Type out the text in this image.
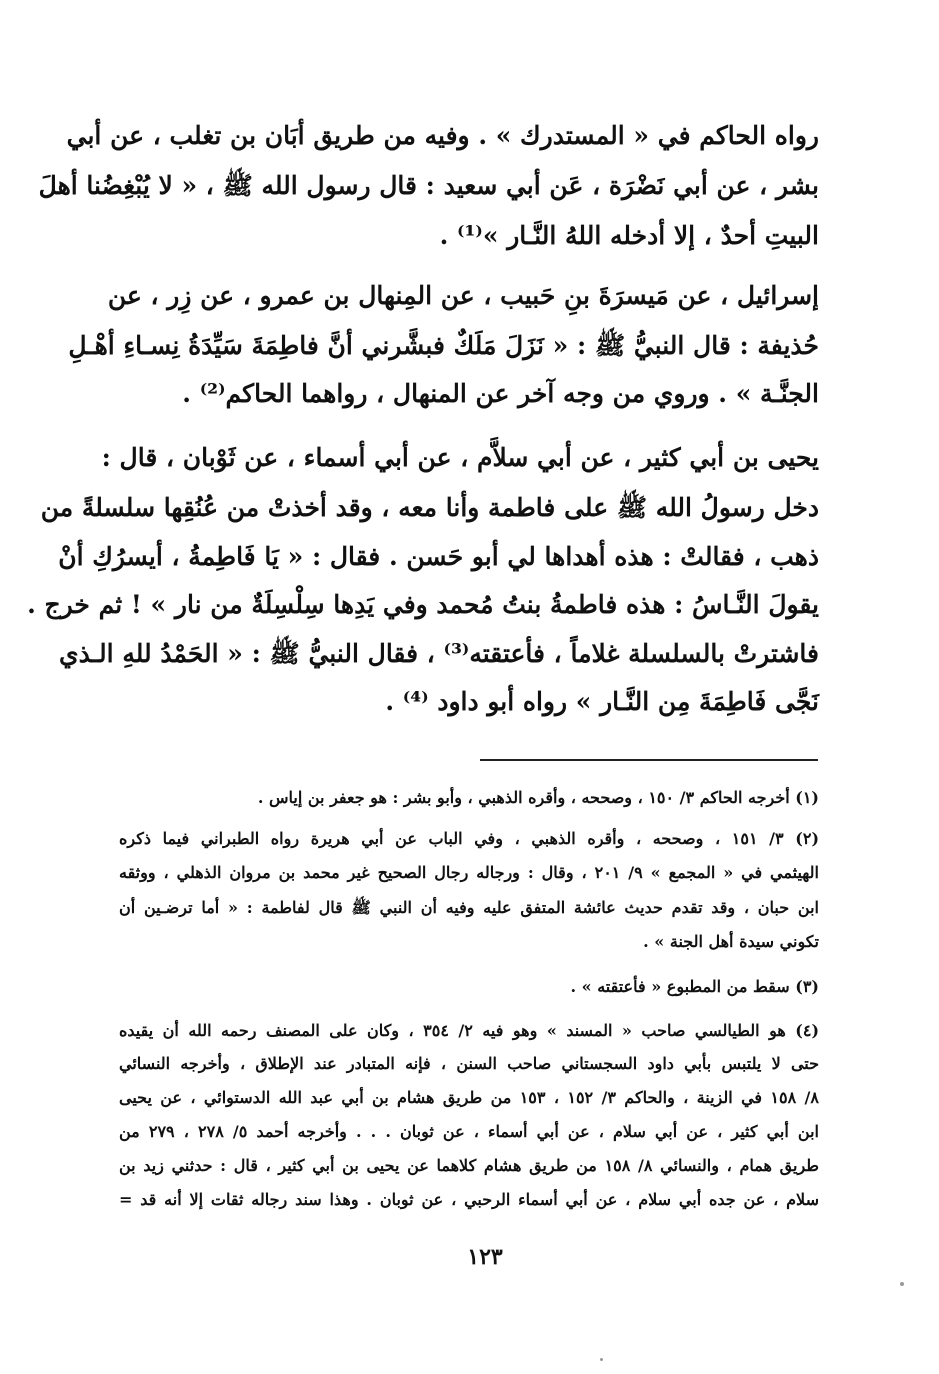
رواه الحاكم في « المستدرك » . وفيه من طريق أبَان بن تغلب ، عن أبي
بشر ، عن أبي نَضْرَة ، عَن أبي سعيد : قال رسول الله ﷺ ، « لا يُبْغِضُنا أهلَ
البيتِ أحدٌ ، إلا أدخله اللهُ النَّـار »⁽¹⁾ .
إسرائيل ، عن مَيسرَةَ بنِ حَبيب ، عن المِنهال بن عمرو ، عن زِر ، عن
حُذيفة : قال النبيُّ ﷺ : « نَزَلَ مَلَكٌ فبشَّرني أنَّ فاطِمَةَ سَيِّدَةُ نِسـاءِ أهْـلِ
الجنَّـة » . وروي من وجه آخر عن المنهال ، رواهما الحاكم⁽²⁾ .
يحيى بن أبي كثير ، عن أبي سلاَّم ، عن أبي أسماء ، عن ثَوْبان ، قال :
دخل رسولُ الله ﷺ على فاطمة وأنا معه ، وقد أخذتْ من عُنُقِها سلسلةً من
ذهب ، فقالتْ : هذه أهداها لي أبو حَسن . فقال : « يَا فَاطِمةُ ، أيسرُكِ أنْ
يقولَ النَّـاسُ : هذه فاطمةُ بنتُ مُحمد وفي يَدِها سِلْسِلَةٌ من نار » ! ثم خرج .
فاشترتْ بالسلسلة غلاماً ، فأعتقته⁽³⁾ ، فقال النبيُّ ﷺ : « الحَمْدُ للهِ الـذي
نَجَّى فَاطِمَةَ مِن النَّـار » رواه أبو داود ⁽⁴⁾ .
(١) أخرجه الحاكم ٣/ ١٥٠ ، وصححه ، وأقره الذهبي ، وأبو بشر : هو جعفر بن إياس .
(٢) ٣/ ١٥١ ، وصححه ، وأقره الذهبي ، وفي الباب عن أبي هريرة رواه الطبراني فيما ذكره
الهيثمي في « المجمع » ٩/ ٢٠١ ، وقال : ورجاله رجال الصحيح غير محمد بن مروان الذهلي ، ووثقه
ابن حبان ، وقد تقدم حديث عائشة المتفق عليه وفيه أن النبي ﷺ قال لفاطمة : « أما ترضـين أن
تكوني سيدة أهل الجنة » .
(٣) سقط من المطبوع « فأعتقته » .
(٤) هو الطيالسي صاحب « المسند » وهو فيه ٢/ ٣٥٤ ، وكان على المصنف رحمه الله أن يقيده
حتى لا يلتبس بأبي داود السجستاني صاحب السنن ، فإنه المتبادر عند الإطلاق ، وأخرجه النسائي
٨/ ١٥٨ في الزينة ، والحاكم ٣/ ١٥٢ ، ١٥٣ من طريق هشام بن أبي عبد الله الدستوائي ، عن يحيى
ابن أبي كثير ، عن أبي سلام ، عن أبي أسماء ، عن ثوبان . . . وأخرجه أحمد ٥/ ٢٧٨ ، ٢٧٩ من
طريق همام ، والنسائي ٨/ ١٥٨ من طريق هشام كلاهما عن يحيى بن أبي كثير ، قال : حدثني زيد بن
سلام ، عن جده أبي سلام ، عن أبي أسماء الرحبي ، عن ثوبان . وهذا سند رجاله ثقات إلا أنه قد =
١٢٣
